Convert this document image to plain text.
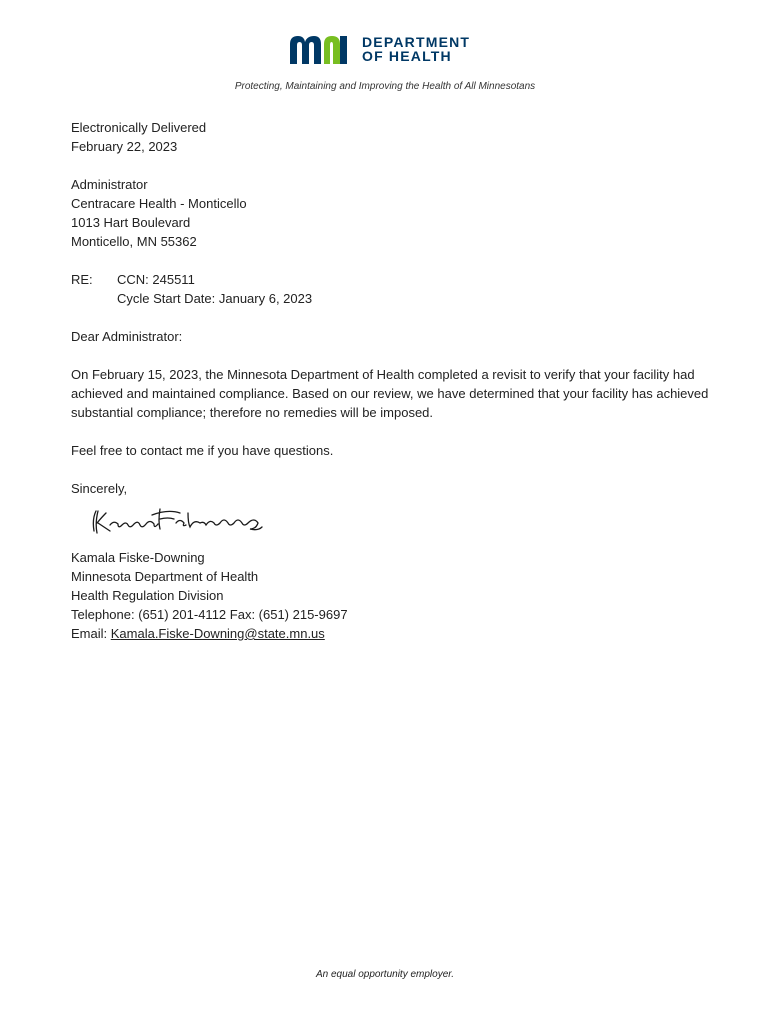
DEPARTMENT
OF HEALTH
Protecting, Maintaining and Improving the Health of All Minnesotans
Electronically Delivered
February 22, 2023
Administrator
Centracare Health - Monticello
1013 Hart Boulevard
Monticello, MN 55362
RE:	CCN: 245511
Cycle Start Date: January 6, 2023
Dear Administrator:
On February 15, 2023, the Minnesota Department of Health completed a revisit to verify that your facility had achieved and maintained compliance. Based on our review, we have determined that your facility has achieved substantial compliance; therefore no remedies will be imposed.
Feel free to contact me if you have questions.
Sincerely,
Kamala Fiske-Downing
Minnesota Department of Health
Health Regulation Division
Telephone: (651) 201-4112 Fax: (651) 215-9697
Email: Kamala.Fiske-Downing@state.mn.us
An equal opportunity employer.
